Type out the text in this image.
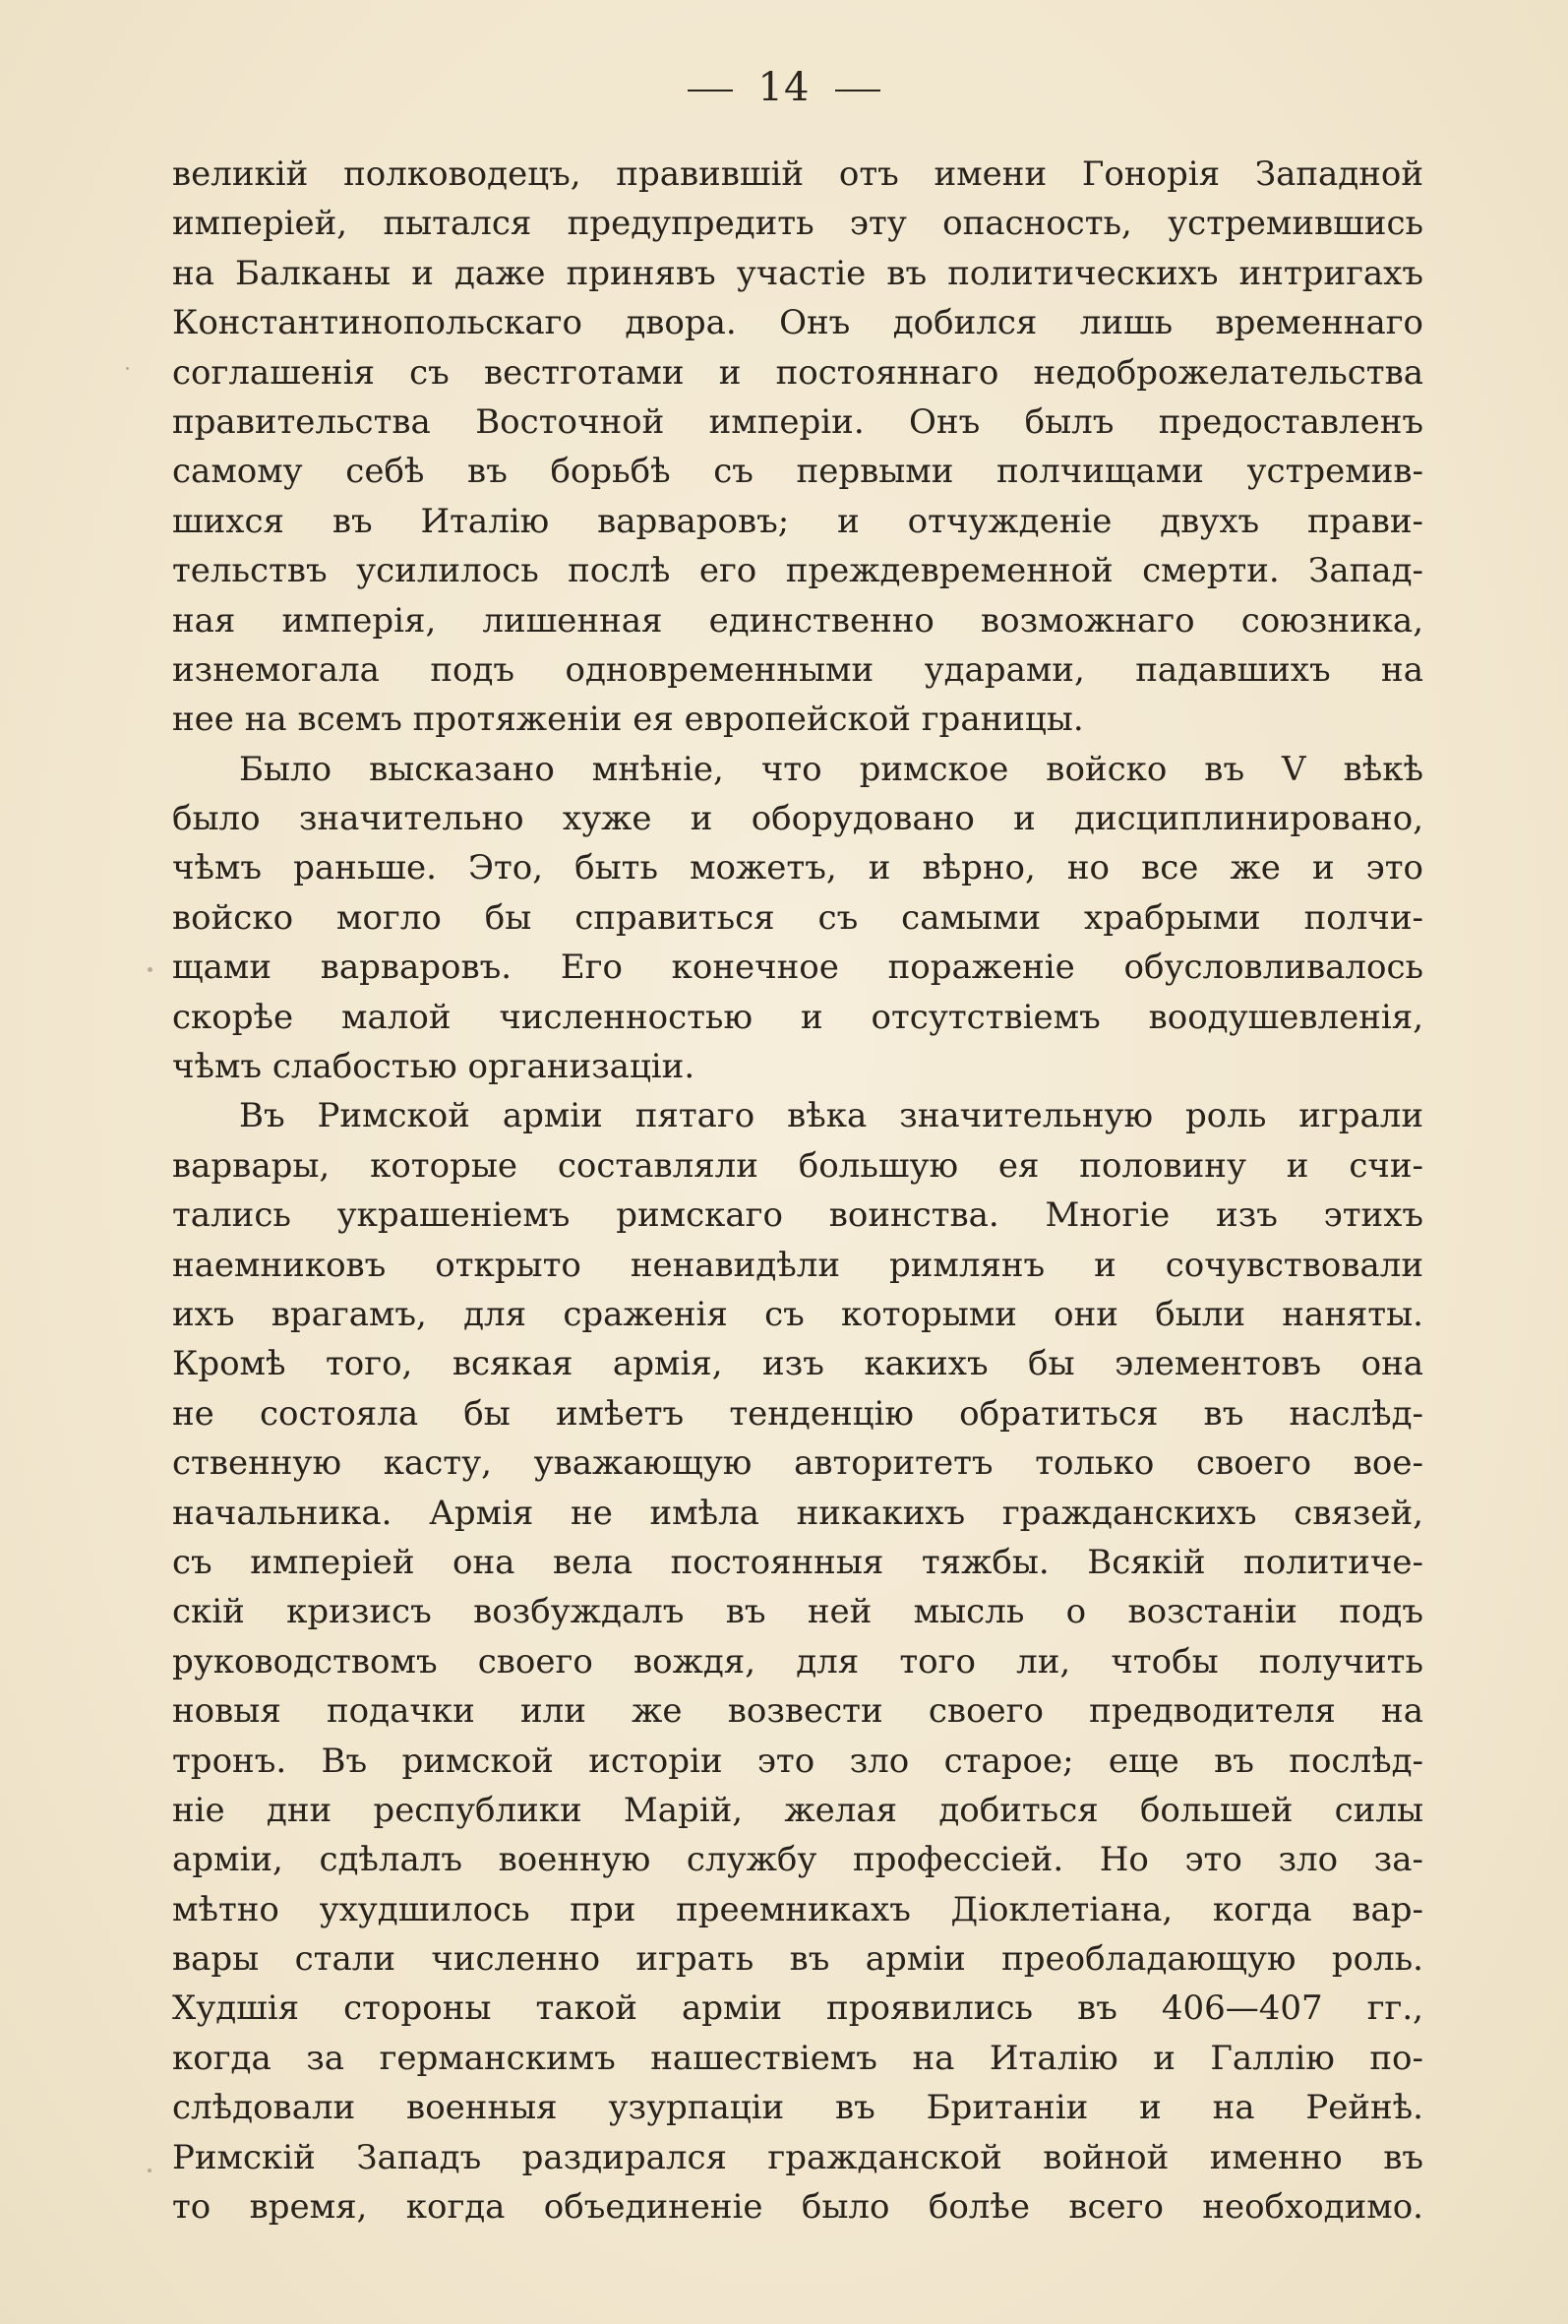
14
великій полководецъ, правившій отъ имени Гонорія Западной
имперіей, пытался предупредить эту опасность, устремившись
на Балканы и даже принявъ участіе въ политическихъ интригахъ
Константинопольскаго двора. Онъ добился лишь временнаго
соглашенія съ вестготами и постояннаго недоброжелательства
правительства Восточной имперіи. Онъ былъ предоставленъ
самому себѣ въ борьбѣ съ первыми полчищами устремив-
шихся въ Италію варваровъ; и отчужденіе двухъ прави-
тельствъ усилилось послѣ его преждевременной смерти. Запад-
ная имперія, лишенная единственно возможнаго союзника,
изнемогала подъ одновременными ударами, падавшихъ на
нее на всемъ протяженіи ея европейской границы.
Было высказано мнѣніе, что римское войско въ V вѣкѣ
было значительно хуже и оборудовано и дисциплинировано,
чѣмъ раньше. Это, быть можетъ, и вѣрно, но все же и это
войско могло бы справиться съ самыми храбрыми полчи-
щами варваровъ. Его конечное пораженіе обусловливалось
скорѣе малой численностью и отсутствіемъ воодушевленія,
чѣмъ слабостью организаціи.
Въ Римской арміи пятаго вѣка значительную роль играли
варвары, которые составляли большую ея половину и счи-
тались украшеніемъ римскаго воинства. Многіе изъ этихъ
наемниковъ открыто ненавидѣли римлянъ и сочувствовали
ихъ врагамъ, для сраженія съ которыми они были наняты.
Кромѣ того, всякая армія, изъ какихъ бы элементовъ она
не состояла бы имѣетъ тенденцію обратиться въ наслѣд-
ственную касту, уважающую авторитетъ только своего вое-
начальника. Армія не имѣла никакихъ гражданскихъ связей,
съ имперіей она вела постоянныя тяжбы. Всякій политиче-
скій кризисъ возбуждалъ въ ней мысль о возстаніи подъ
руководствомъ своего вождя, для того ли, чтобы получить
новыя подачки или же возвести своего предводителя на
тронъ. Въ римской исторіи это зло старое; еще въ послѣд-
ніе дни республики Марій, желая добиться большей силы
арміи, сдѣлалъ военную службу профессіей. Но это зло за-
мѣтно ухудшилось при преемникахъ Діоклетіана, когда вар-
вары стали численно играть въ арміи преобладающую роль.
Худшія стороны такой арміи проявились въ 406—407 гг.,
когда за германскимъ нашествіемъ на Италію и Галлію по-
слѣдовали военныя узурпаціи въ Британіи и на Рейнѣ.
Римскій Западъ раздирался гражданской войной именно въ
то время, когда объединеніе было болѣе всего необходимо.
